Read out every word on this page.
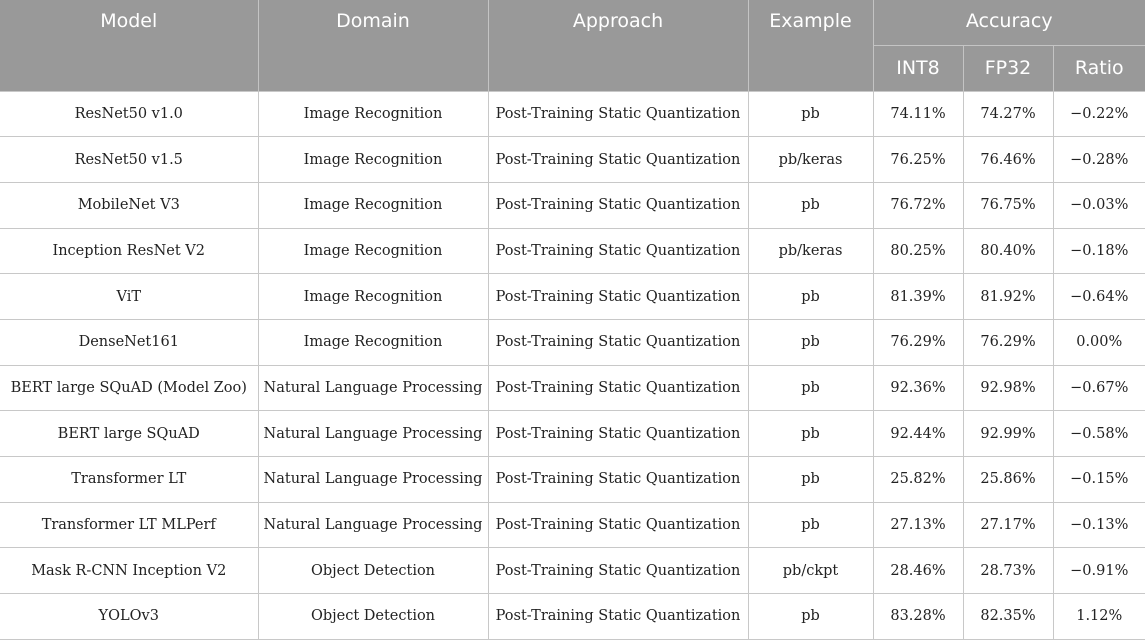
Model	Domain	Approach	Example	Accuracy		
				INT8	FP32	Ratio
ResNet50 v1.0	Image Recognition	Post-Training Static Quantization	pb	74.11%	74.27%	−0.22%
ResNet50 v1.5	Image Recognition	Post-Training Static Quantization	pb/keras	76.25%	76.46%	−0.28%
MobileNet V3	Image Recognition	Post-Training Static Quantization	pb	76.72%	76.75%	−0.03%
Inception ResNet V2	Image Recognition	Post-Training Static Quantization	pb/keras	80.25%	80.40%	−0.18%
ViT	Image Recognition	Post-Training Static Quantization	pb	81.39%	81.92%	−0.64%
DenseNet161	Image Recognition	Post-Training Static Quantization	pb	76.29%	76.29%	0.00%
BERT large SQuAD (Model Zoo)	Natural Language Processing	Post-Training Static Quantization	pb	92.36%	92.98%	−0.67%
BERT large SQuAD	Natural Language Processing	Post-Training Static Quantization	pb	92.44%	92.99%	−0.58%
Transformer LT	Natural Language Processing	Post-Training Static Quantization	pb	25.82%	25.86%	−0.15%
Transformer LT MLPerf	Natural Language Processing	Post-Training Static Quantization	pb	27.13%	27.17%	−0.13%
Mask R-CNN Inception V2	Object Detection	Post-Training Static Quantization	pb/ckpt	28.46%	28.73%	−0.91%
YOLOv3	Object Detection	Post-Training Static Quantization	pb	83.28%	82.35%	1.12%
